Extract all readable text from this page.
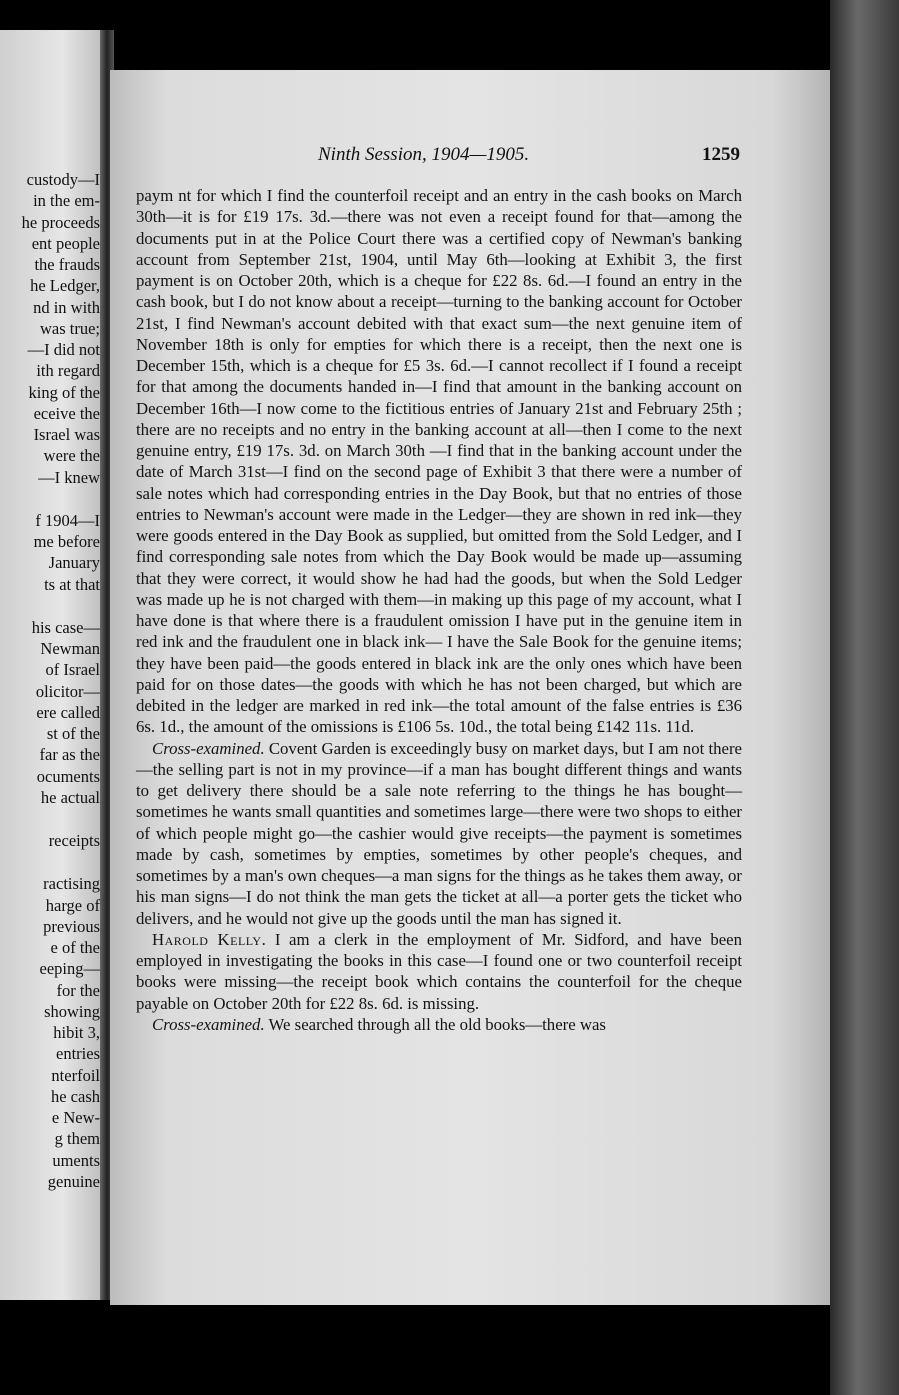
custody—I
in the em-
he proceeds
ent people
the frauds
he Ledger,
nd in with
was true;
—I did not
ith regard
king of the
eceive the
Israel was
were the
—I knew
f 1904—I
me before
January
ts at that
his case—
Newman
of Israel
olicitor—
ere called
st of the
far as the
ocuments
he actual
receipts
ractising
harge of
previous
e of the
eeping—
for the
showing
hibit 3,
entries
nterfoil
he cash
e New-
g them
uments
genuine
Ninth Session, 1904—1905.	1259

paym nt for which I find the counterfoil receipt and an entry in the cash books on March 30th—it is for £19 17s. 3d.—there was not even a receipt found for that—among the documents put in at the Police Court there was a certified copy of Newman's banking account from September 21st, 1904, until May 6th—looking at Exhibit 3, the first payment is on October 20th, which is a cheque for £22 8s. 6d.—I found an entry in the cash book, but I do not know about a receipt—turning to the banking account for October 21st, I find Newman's account debited with that exact sum—the next genuine item of November 18th is only for empties for which there is a receipt, then the next one is December 15th, which is a cheque for £5 3s. 6d.—I cannot recollect if I found a receipt for that among the documents handed in—I find that amount in the banking account on December 16th—I now come to the fictitious entries of January 21st and February 25th ; there are no receipts and no entry in the banking account at all—then I come to the next genuine entry, £19 17s. 3d. on March 30th —I find that in the banking account under the date of March 31st—I find on the second page of Exhibit 3 that there were a number of sale notes which had corresponding entries in the Day Book, but that no entries of those entries to Newman's account were made in the Ledger—they are shown in red ink—they were goods entered in the Day Book as supplied, but omitted from the Sold Ledger, and I find corresponding sale notes from which the Day Book would be made up—assuming that they were correct, it would show he had had the goods, but when the Sold Ledger was made up he is not charged with them—in making up this page of my account, what I have done is that where there is a fraudulent omission I have put in the genuine item in red ink and the fraudulent one in black ink— I have the Sale Book for the genuine items; they have been paid—the goods entered in black ink are the only ones which have been paid for on those dates—the goods with which he has not been charged, but which are debited in the ledger are marked in red ink—the total amount of the false entries is £36 6s. 1d., the amount of the omissions is £106 5s. 10d., the total being £142 11s. 11d.

Cross-examined. Covent Garden is exceedingly busy on market days, but I am not there—the selling part is not in my province—if a man has bought different things and wants to get delivery there should be a sale note referring to the things he has bought—sometimes he wants small quantities and sometimes large—there were two shops to either of which people might go—the cashier would give receipts—the payment is sometimes made by cash, sometimes by empties, sometimes by other people's cheques, and sometimes by a man's own cheques—a man signs for the things as he takes them away, or his man signs—I do not think the man gets the ticket at all—a porter gets the ticket who delivers, and he would not give up the goods until the man has signed it.

Harold Kelly. I am a clerk in the employment of Mr. Sidford, and have been employed in investigating the books in this case—I found one or two counterfoil receipt books were missing—the receipt book which contains the counterfoil for the cheque payable on October 20th for £22 8s. 6d. is missing.

Cross-examined. We searched through all the old books—there was
